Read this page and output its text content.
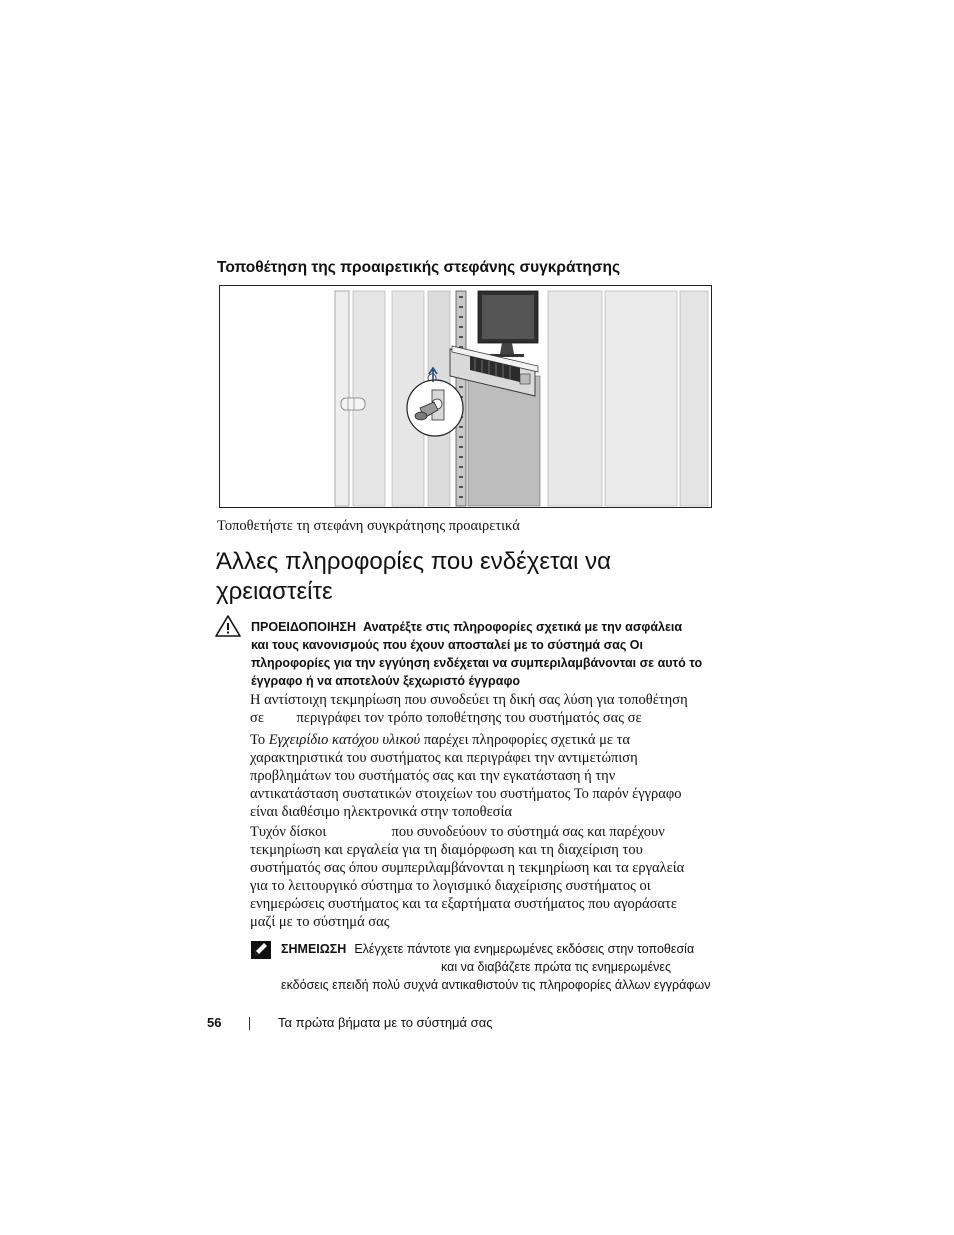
Τοποθέτηση της προαιρετικής στεφάνης συγκράτησης
Τοποθετήστε τη στεφάνη συγκράτησης προαιρετικά
Άλλες πληροφορίες που ενδέχεται να
χρειαστείτε
ΠΡΟΕΙΔΟΠΟΙΗΣΗ Ανατρέξτε στις πληροφορίες σχετικά με την ασφάλεια
και τους κανονισμούς που έχουν αποσταλεί με το σύστημά σας Οι
πληροφορίες για την εγγύηση ενδέχεται να συμπεριλαμβάνονται σε αυτό το
έγγραφο ή να αποτελούν ξεχωριστό έγγραφο
Η αντίστοιχη τεκμηρίωση που συνοδεύει τη δική σας λύση για τοποθέτηση
σε         περιγράφει τον τρόπο τοποθέτησης του συστήματός σας σε
Το Εγχειρίδιο κατόχου υλικού παρέχει πληροφορίες σχετικά με τα
χαρακτηριστικά του συστήματος και περιγράφει την αντιμετώπιση
προβλημάτων του συστήματός σας και την εγκατάσταση ή την
αντικατάσταση συστατικών στοιχείων του συστήματος Το παρόν έγγραφο
είναι διαθέσιμο ηλεκτρονικά στην τοποθεσία
Τυχόν δίσκοι                  που συνοδεύουν το σύστημά σας και παρέχουν
τεκμηρίωση και εργαλεία για τη διαμόρφωση και τη διαχείριση του
συστήματός σας όπου συμπεριλαμβάνονται η τεκμηρίωση και τα εργαλεία
για το λειτουργικό σύστημα το λογισμικό διαχείρισης συστήματος οι
ενημερώσεις συστήματος και τα εξαρτήματα συστήματος που αγοράσατε
μαζί με το σύστημά σας
ΣΗΜΕΙΩΣΗ Ελέγχετε πάντοτε για ενημερωμένες εκδόσεις στην τοποθεσία
και να διαβάζετε πρώτα τις ενημερωμένες
εκδόσεις επειδή πολύ συχνά αντικαθιστούν τις πληροφορίες άλλων εγγράφων
56	Τα πρώτα βήματα με το σύστημά σας
